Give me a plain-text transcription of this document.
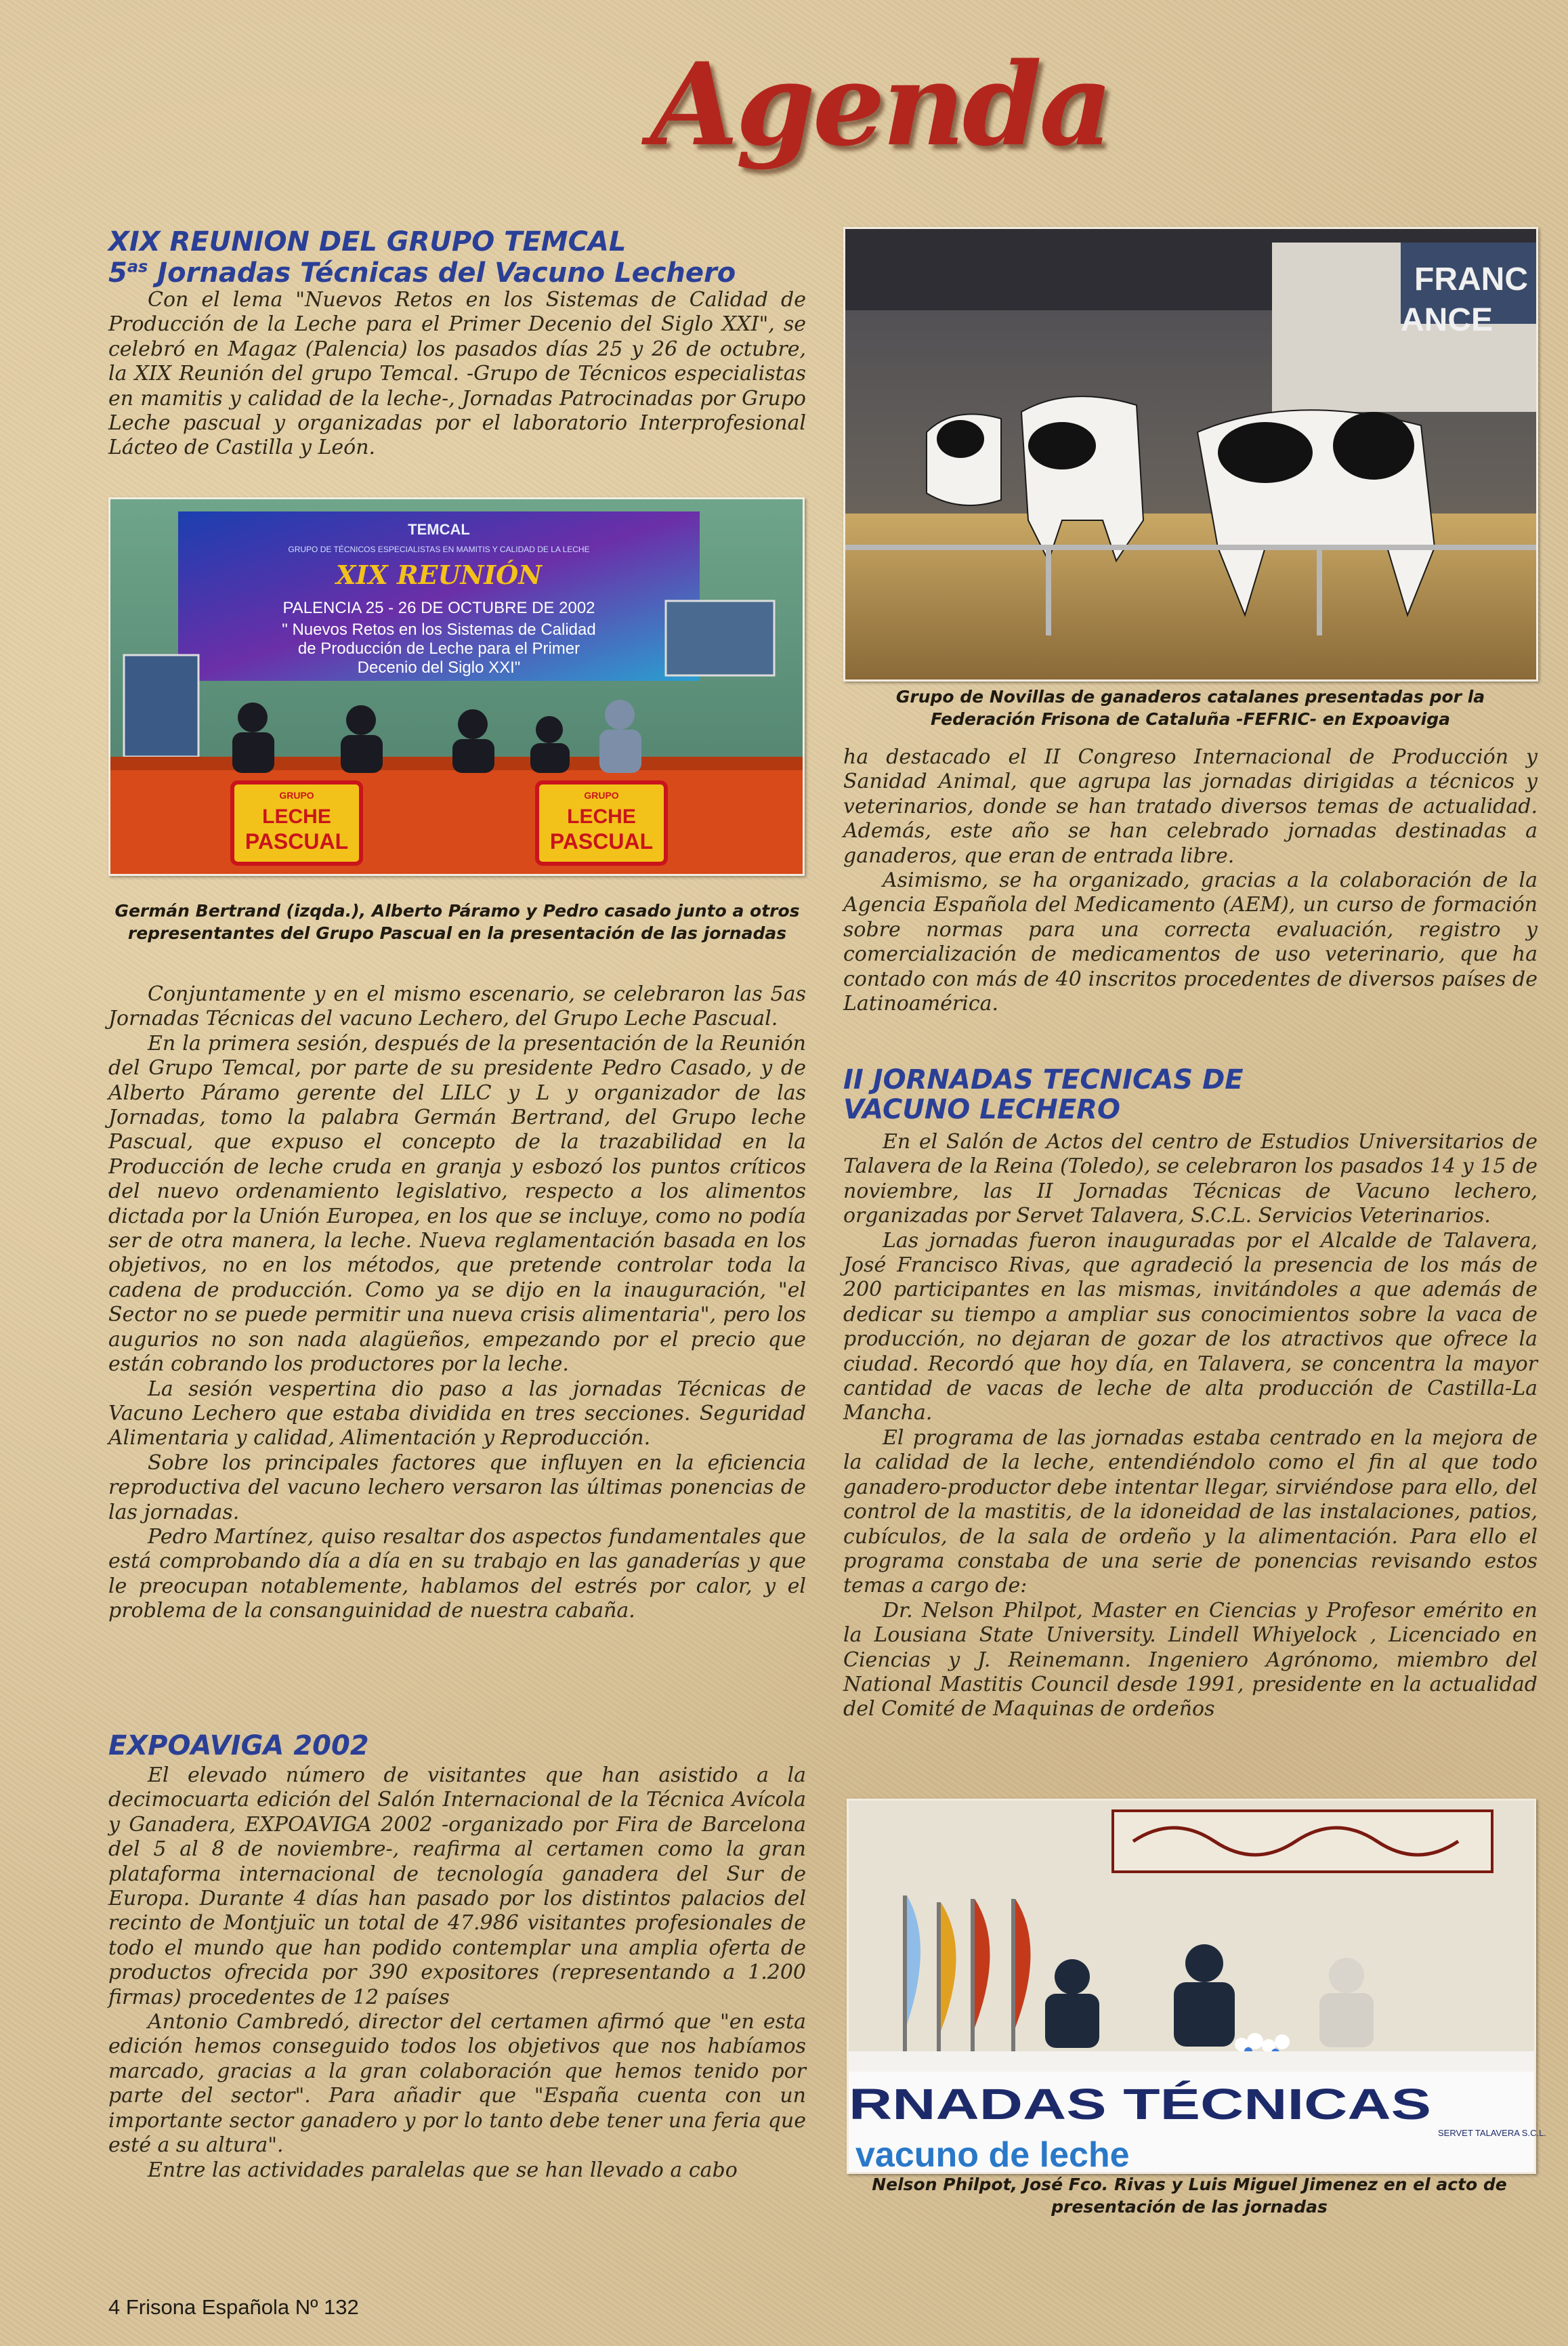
Agenda
XIX REUNION DEL GRUPO TEMCAL
$5^{as}$ Jornadas Técnicas del Vacuno Lechero

Con el lema "Nuevos Retos en los Sistemas de Calidad de Producción de la Leche para el Primer Decenio del Siglo XXI", se celebró en Magaz (Palencia) los pasados días 25 y 26 de octubre, la XIX Reunión del grupo Temcal. -Grupo de Técnicos especialistas en mamitis y calidad de la leche-, Jornadas Patrocinadas por Grupo Leche pascual y organizadas por el laboratorio Interprofesional Lácteo de Castilla y León.

TEMCAL
GRUPO DE TÉCNICOS ESPECIALISTAS EN MAMITIS Y CALIDAD DE LA LECHE
XIX REUNIÓN
PALENCIA 25 - 26 DE OCTUBRE DE 2002
" Nuevos Retos en los Sistemas de Calidad
de Producción de Leche para el Primer
Decenio del Siglo XXI"
GRUPO
LECHE
PASCUAL
GRUPO
LECHE
PASCUAL
Germán Bertrand (izqda.), Alberto Páramo y Pedro casado junto a otros representantes del Grupo Pascual en la presentación de las jornadas

Conjuntamente y en el mismo escenario, se celebraron las 5as Jornadas Técnicas del vacuno Lechero, del Grupo Leche Pascual.

En la primera sesión, después de la presentación de la Reunión del Grupo Temcal, por parte de su presidente Pedro Casado, y de Alberto Páramo gerente del LILC y L y organizador de las Jornadas, tomo la palabra Germán Bertrand, del Grupo leche Pascual, que expuso el concepto de la trazabilidad en la Producción de leche cruda en granja y esbozó los puntos críticos del nuevo ordenamiento legislativo, respecto a los alimentos dictada por la Unión Europea, en los que se incluye, como no podía ser de otra manera, la leche. Nueva reglamentación basada en los objetivos, no en los métodos, que pretende controlar toda la cadena de producción. Como ya se dijo en la inauguración, "el Sector no se puede permitir una nueva crisis alimentaria", pero los augurios no son nada alagüeños, empezando por el precio que están cobrando los productores por la leche.

La sesión vespertina dio paso a las jornadas Técnicas de Vacuno Lechero que estaba dividida en tres secciones. Seguridad Alimentaria y calidad, Alimentación y Reproducción.

Sobre los principales factores que influyen en la eficiencia reproductiva del vacuno lechero versaron las últimas ponencias de las jornadas.

Pedro Martínez, quiso resaltar dos aspectos fundamentales que está comprobando día a día en su trabajo en las ganaderías y que le preocupan notablemente, hablamos del estrés por calor, y el problema de la consanguinidad de nuestra cabaña.

EXPOAVIGA 2002

El elevado número de visitantes que han asistido a la decimocuarta edición del Salón Internacional de la Técnica Avícola y Ganadera, EXPOAVIGA 2002 -organizado por Fira de Barcelona del 5 al 8 de noviembre-, reafirma al certamen como la gran plataforma internacional de tecnología ganadera del Sur de Europa. Durante 4 días han pasado por los distintos palacios del recinto de Montjuïc un total de 47.986 visitantes profesionales de todo el mundo que han podido contemplar una amplia oferta de productos ofrecida por 390 expositores (representando a 1.200 firmas) procedentes de 12 países

Antonio Cambredó, director del certamen afirmó que "en esta edición hemos conseguido todos los objetivos que nos habíamos marcado, gracias a la gran colaboración que hemos tenido por parte del sector". Para añadir que "España cuenta con un importante sector ganadero y por lo tanto debe tener una feria que esté a su altura".

Entre las actividades paralelas que se han llevado a cabo

FRANC
ANCE
Grupo de Novillas de ganaderos catalanes presentadas por la Federación Frisona de Cataluña -FEFRIC- en Expoaviga

ha destacado el II Congreso Internacional de Producción y Sanidad Animal, que agrupa las jornadas dirigidas a técnicos y veterinarios, donde se han tratado diversos temas de actualidad. Además, este año se han celebrado jornadas destinadas a ganaderos, que eran de entrada libre.

Asimismo, se ha organizado, gracias a la colaboración de la Agencia Española del Medicamento (AEM), un curso de formación sobre normas para una correcta evaluación, registro y comercialización de medicamentos de uso veterinario, que ha contado con más de 40 inscritos procedentes de diversos países de Latinoamérica.

II JORNADAS TECNICAS DE VACUNO LECHERO

En el Salón de Actos del centro de Estudios Universitarios de Talavera de la Reina (Toledo), se celebraron los pasados 14 y 15 de noviembre, las II Jornadas Técnicas de Vacuno lechero, organizadas por Servet Talavera, S.C.L. Servicios Veterinarios.

Las jornadas fueron inauguradas por el Alcalde de Talavera, José Francisco Rivas, que agradeció la presencia de los más de 200 participantes en las mismas, invitándoles a que además de dedicar su tiempo a ampliar sus conocimientos sobre la vaca de producción, no dejaran de gozar de los atractivos que ofrece la ciudad. Recordó que hoy día, en Talavera, se concentra la mayor cantidad de vacas de leche de alta producción de Castilla-La Mancha.

El programa de las jornadas estaba centrado en la mejora de la calidad de la leche, entendiéndolo como el fin al que todo ganadero-productor debe intentar llegar, sirviéndose para ello, del control de la mastitis, de la idoneidad de las instalaciones, patios, cubículos, de la sala de ordeño y la alimentación. Para ello el programa constaba de una serie de ponencias revisando estos temas a cargo de:

Dr. Nelson Philpot, Master en Ciencias y Profesor emérito en la Lousiana State University. Lindell Whiyelock , Licenciado en Ciencias y J. Reinemann. Ingeniero Agrónomo, miembro del National Mastitis Council desde 1991, presidente en la actualidad del Comité de Maquinas de ordeños

RNADAS TÉCNICAS
vacuno de leche
SERVET TALAVERA S.C.L.
Nelson Philpot, José Fco. Rivas y Luis Miguel Jimenez en el acto de presentación de las jornadas
4 Frisona Española Nº 132
